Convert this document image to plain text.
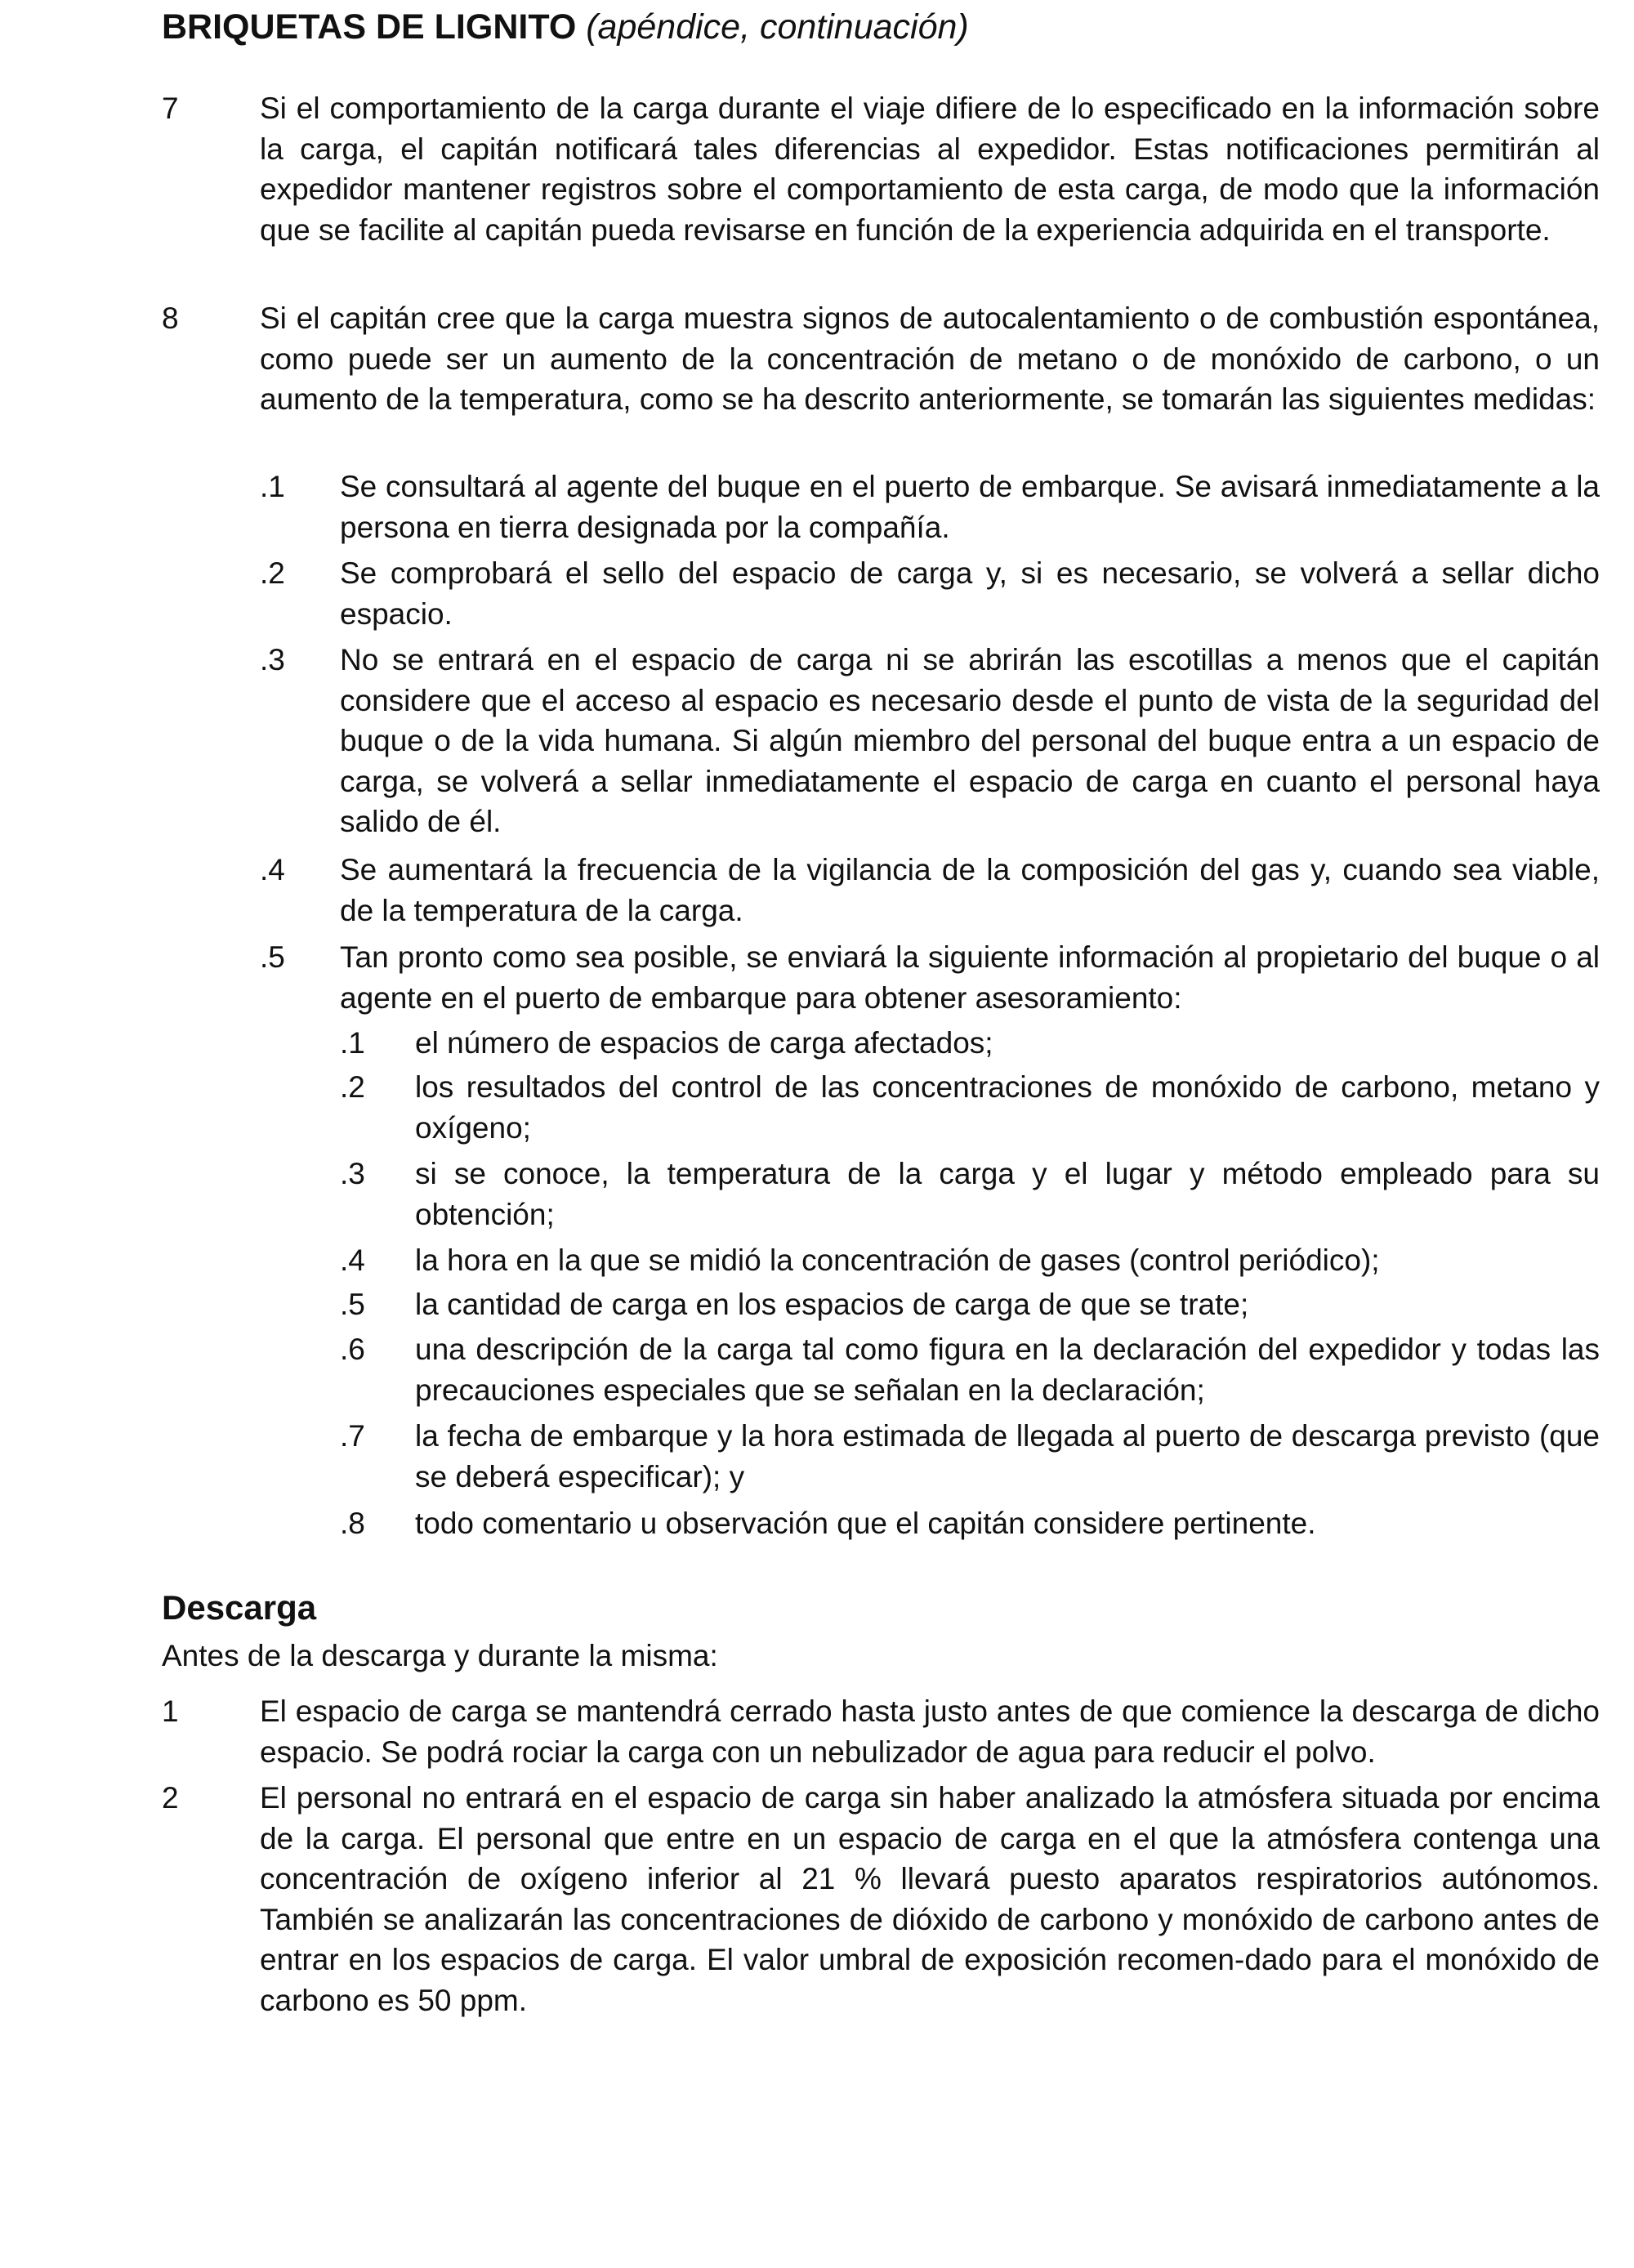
BRIQUETAS DE LIGNITO (apéndice, continuación)
7	Si el comportamiento de la carga durante el viaje difiere de lo especificado en la información sobre la carga, el capitán notificará tales diferencias al expedidor. Estas notificaciones permitirán al expedidor mantener registros sobre el comportamiento de esta carga, de modo que la información que se facilite al capitán pueda revisarse en función de la experiencia adquirida en el transporte.
8	Si el capitán cree que la carga muestra signos de autocalentamiento o de combustión espontánea, como puede ser un aumento de la concentración de metano o de monóxido de carbono, o un aumento de la temperatura, como se ha descrito anteriormente, se tomarán las siguientes medidas:
.1 Se consultará al agente del buque en el puerto de embarque. Se avisará inmediatamente a la persona en tierra designada por la compañía.
.2 Se comprobará el sello del espacio de carga y, si es necesario, se volverá a sellar dicho espacio.
.3 No se entrará en el espacio de carga ni se abrirán las escotillas a menos que el capitán considere que el acceso al espacio es necesario desde el punto de vista de la seguridad del buque o de la vida humana. Si algún miembro del personal del buque entra a un espacio de carga, se volverá a sellar inmediatamente el espacio de carga en cuanto el personal haya salido de él.
.4 Se aumentará la frecuencia de la vigilancia de la composición del gas y, cuando sea viable, de la temperatura de la carga.
.5 Tan pronto como sea posible, se enviará la siguiente información al propietario del buque o al agente en el puerto de embarque para obtener asesoramiento:
.1 el número de espacios de carga afectados;
.2 los resultados del control de las concentraciones de monóxido de carbono, metano y oxígeno;
.3 si se conoce, la temperatura de la carga y el lugar y método empleado para su obtención;
.4 la hora en la que se midió la concentración de gases (control periódico);
.5 la cantidad de carga en los espacios de carga de que se trate;
.6 una descripción de la carga tal como figura en la declaración del expedidor y todas las precauciones especiales que se señalan en la declaración;
.7 la fecha de embarque y la hora estimada de llegada al puerto de descarga previsto (que se deberá especificar); y
.8 todo comentario u observación que el capitán considere pertinente.
Descarga
Antes de la descarga y durante la misma:
1	El espacio de carga se mantendrá cerrado hasta justo antes de que comience la descarga de dicho espacio. Se podrá rociar la carga con un nebulizador de agua para reducir el polvo.
2	El personal no entrará en el espacio de carga sin haber analizado la atmósfera situada por encima de la carga. El personal que entre en un espacio de carga en el que la atmósfera contenga una concentración de oxígeno inferior al 21 % llevará puesto aparatos respiratorios autónomos. También se analizarán las concentraciones de dióxido de carbono y monóxido de carbono antes de entrar en los espacios de carga. El valor umbral de exposición recomen-dado para el monóxido de carbono es 50 ppm.
